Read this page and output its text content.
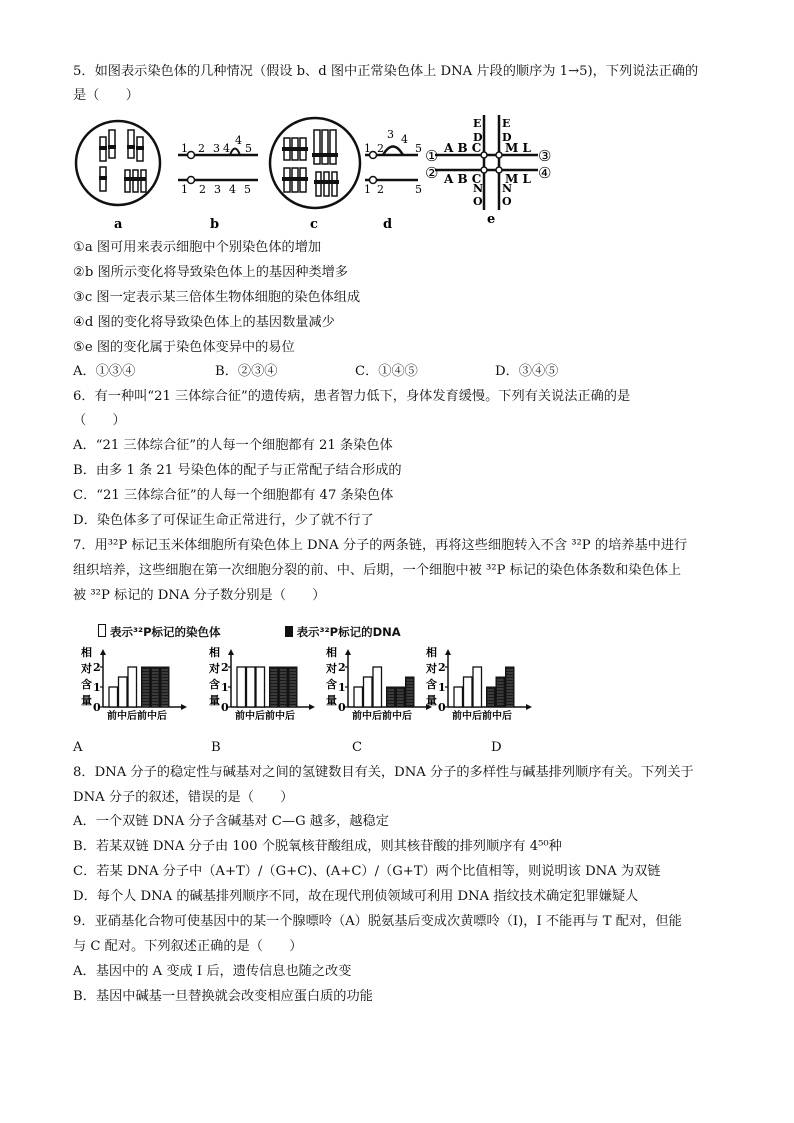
5．如图表示染色体的几种情况（假设 b、d 图中正常染色体上 DNA 片段的顺序为 1→5)，下列说法正确的
是（　　）
a
1 2 3 4
4
5
1 2 3 4 5
b	c
1 2
3 4
5
1 2	5
d
①
②
③
④
A B C
A B C
M L
M L
E
D
E
D
N
O
N
O
e
①a 图可用来表示细胞中个别染色体的增加
②b 图所示变化将导致染色体上的基因种类增多
③c 图一定表示某三倍体生物体细胞的染色体组成
④d 图的变化将导致染色体上的基因数量减少
⑤e 图的变化属于染色体变异中的易位
A．①③④	B．②③④	C．①④⑤	D．③④⑤
6．有一种叫“21 三体综合征”的遗传病，患者智力低下，身体发育缓慢。下列有关说法正确的是
（　　）
A．“21 三体综合征”的人每一个细胞都有 21 条染色体
B．由多 1 条 21 号染色体的配子与正常配子结合形成的
C．“21 三体综合征”的人每一个细胞都有 47 条染色体
D．染色体多了可保证生命正常进行，少了就不行了
7．用³²P 标记玉米体细胞所有染色体上 DNA 分子的两条链，再将这些细胞转入不含 ³²P 的培养基中进行
组织培养，这些细胞在第一次细胞分裂的前、中、后期，一个细胞中被 ³²P 标记的染色体条数和染色体上
被 ³²P 标记的 DNA 分子数分别是（　　）
表示³²P标记的染色体	表示³²P标记的DNA
相
对
含
量
2
1
0
前中后前中后
相
对
含
量
2
1
0
前中后前中后
相
对
含
量
2
1
0
前中后前中后
相
对
含
量
2
1
0
前中后前中后
A	B	C	D
8．DNA 分子的稳定性与碱基对之间的氢键数目有关，DNA 分子的多样性与碱基排列顺序有关。下列关于
DNA 分子的叙述，错误的是（　　）
A．一个双链 DNA 分子含碱基对 C—G 越多，越稳定
B．若某双链 DNA 分子由 100 个脱氧核苷酸组成，则其核苷酸的排列顺序有 4⁵⁰种
C．若某 DNA 分子中（A+T）/（G+C)、(A+C）/（G+T）两个比值相等，则说明该 DNA 为双链
D．每个人 DNA 的碱基排列顺序不同，故在现代刑侦领域可利用 DNA 指纹技术确定犯罪嫌疑人
9．亚硝基化合物可使基因中的某一个腺嘌呤（A）脱氨基后变成次黄嘌呤（I)，I 不能再与 T 配对，但能
与 C 配对。下列叙述正确的是（　　）
A．基因中的 A 变成 I 后，遗传信息也随之改变
B．基因中碱基一旦替换就会改变相应蛋白质的功能
